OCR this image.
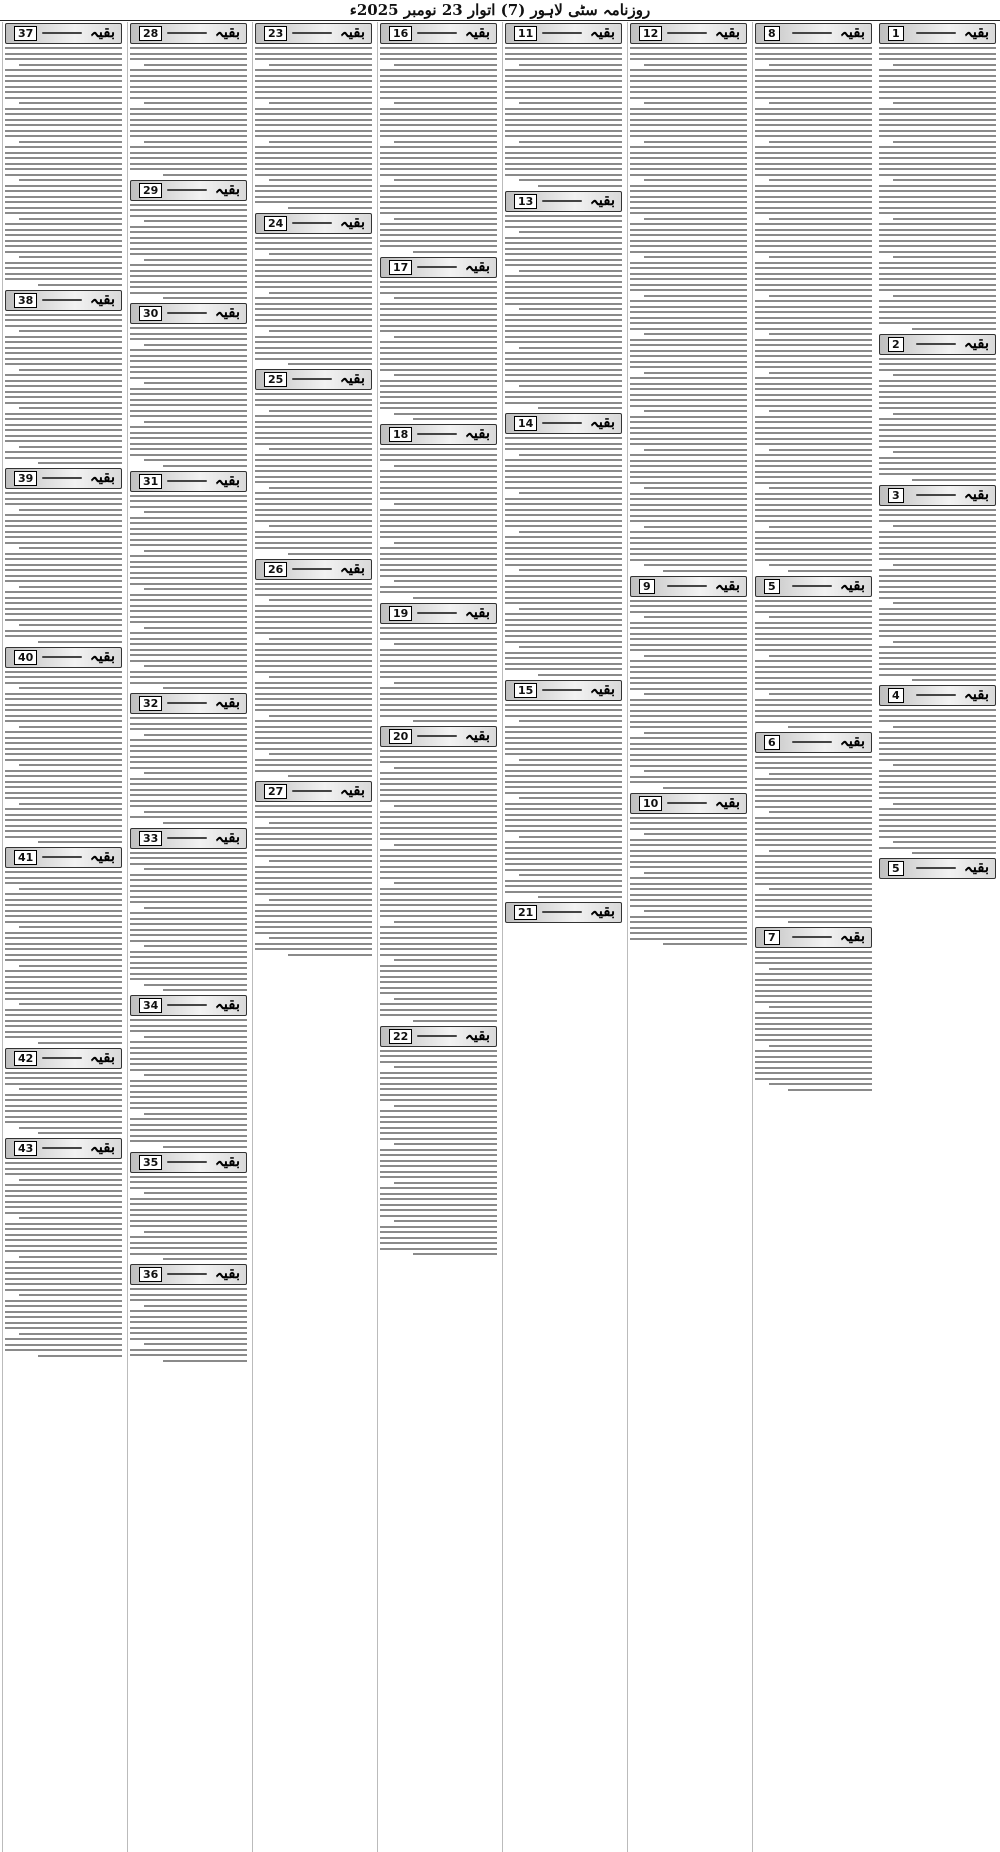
روزنامہ سٹی لاہور (7) اتوار 23 نومبر 2025ء
بقیہ
1
بقیہ
2
بقیہ
3
بقیہ
4
بقیہ
5
بقیہ
8
بقیہ
5
بقیہ
6
بقیہ
7
بقیہ
12
بقیہ
9
بقیہ
10
بقیہ
11
بقیہ
13
بقیہ
14
بقیہ
15
بقیہ
21
بقیہ
16
بقیہ
17
بقیہ
18
بقیہ
19
بقیہ
20
بقیہ
22
بقیہ
23
بقیہ
24
بقیہ
25
بقیہ
26
بقیہ
27
بقیہ
28
بقیہ
29
بقیہ
30
بقیہ
31
بقیہ
32
بقیہ
33
بقیہ
34
بقیہ
35
بقیہ
36
بقیہ
37
بقیہ
38
بقیہ
39
بقیہ
40
بقیہ
41
بقیہ
42
بقیہ
43
